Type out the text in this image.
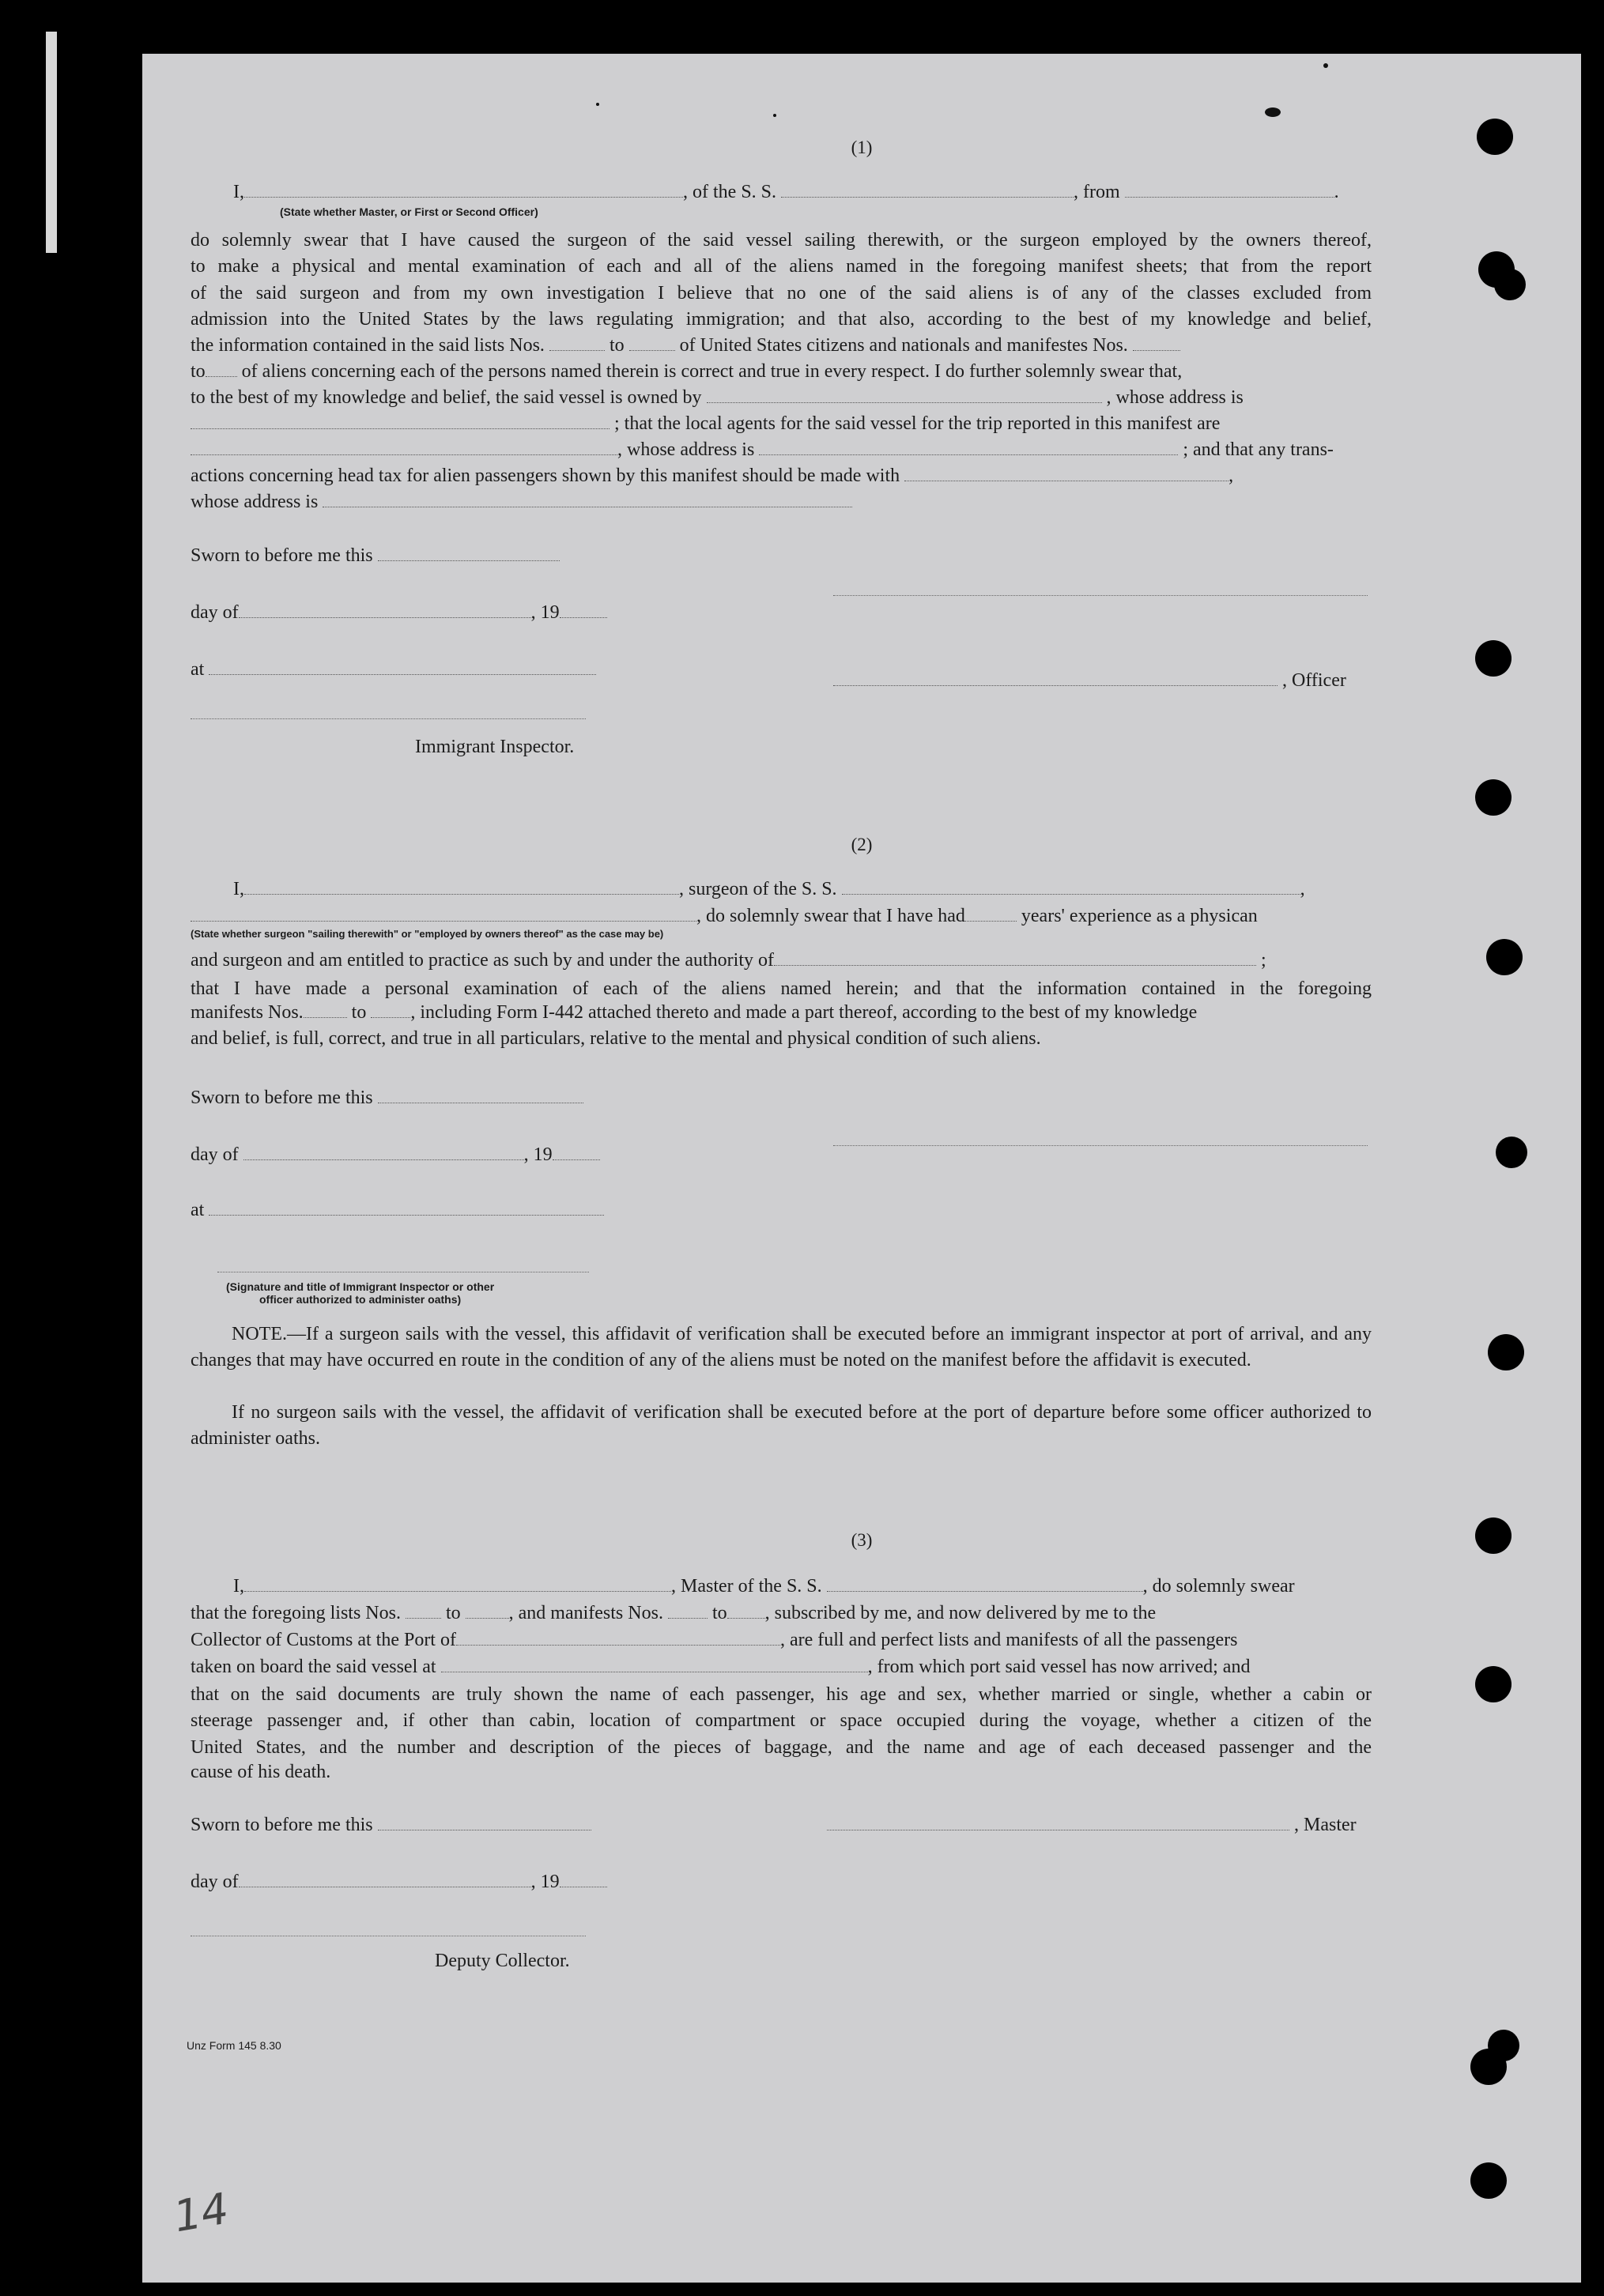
(1)
I,	, of the S. S.	, from	.
(State whether Master, or First or Second Officer)
do solemnly swear that I have caused the surgeon of the said vessel sailing therewith, or the surgeon employed by the owners thereof,
to make a physical and mental examination of each and all of the aliens named in the foregoing manifest sheets; that from the report
of the said surgeon and from my own investigation I believe that no one of the said aliens is of any of the classes excluded from
admission into the United States by the laws regulating immigration; and that also, according to the best of my knowledge and belief,
the information contained in the said lists Nos.	to	of United States citizens and nationals and manifestes Nos.
to of aliens concerning each of the persons named therein is correct and true in every respect. I do further solemnly swear that,
to the best of my knowledge and belief, the said vessel is owned by	, whose address is
; that the local agents for the said vessel for the trip reported in this manifest are
, whose address is	; and that any trans-
actions concerning head tax for alien passengers shown by this manifest should be made with	,
whose address is
Sworn to before me this
day of	, 19
at
, Officer
Immigrant Inspector.
(2)
I,	, surgeon of the S. S.	,
, do solemnly swear that I have had	years' experience as a physican
(State whether surgeon "sailing therewith" or "employed by owners thereof" as the case may be)
and surgeon and am entitled to practice as such by and under the authority of	;
that I have made a personal examination of each of the aliens named herein; and that the information contained in the foregoing
manifests Nos.	to , including Form I-442 attached thereto and made a part thereof, according to the best of my knowledge
and belief, is full, correct, and true in all particulars, relative to the mental and physical condition of such aliens.
Sworn to before me this
day of	, 19
at
(Signature and title of Immigrant Inspector or other
officer authorized to administer oaths)
NOTE.—If a surgeon sails with the vessel, this affidavit of verification shall be executed before an immigrant inspector at port of arrival, and any changes that may have occurred en route in the condition of any of the aliens must be noted on the manifest before the affidavit is executed.
If no surgeon sails with the vessel, the affidavit of verification shall be executed before at the port of departure before some officer authorized to administer oaths.
(3)
I,	, Master of the S. S.	, do solemnly swear
that the foregoing lists Nos. to	, and manifests Nos.	to , subscribed by me, and now delivered by me to the
Collector of Customs at the Port of	, are full and perfect lists and manifests of all the passengers
taken on board the said vessel at	, from which port said vessel has now arrived; and
that on the said documents are truly shown the name of each passenger, his age and sex, whether married or single, whether a cabin or
steerage passenger and, if other than cabin, location of compartment or space occupied during the voyage, whether a citizen of the
United States, and the number and description of the pieces of baggage, and the name and age of each deceased passenger and the
cause of his death.
Sworn to before me this	, Master
day of	, 19
Deputy Collector.
Unz Form 145 8.30
14
